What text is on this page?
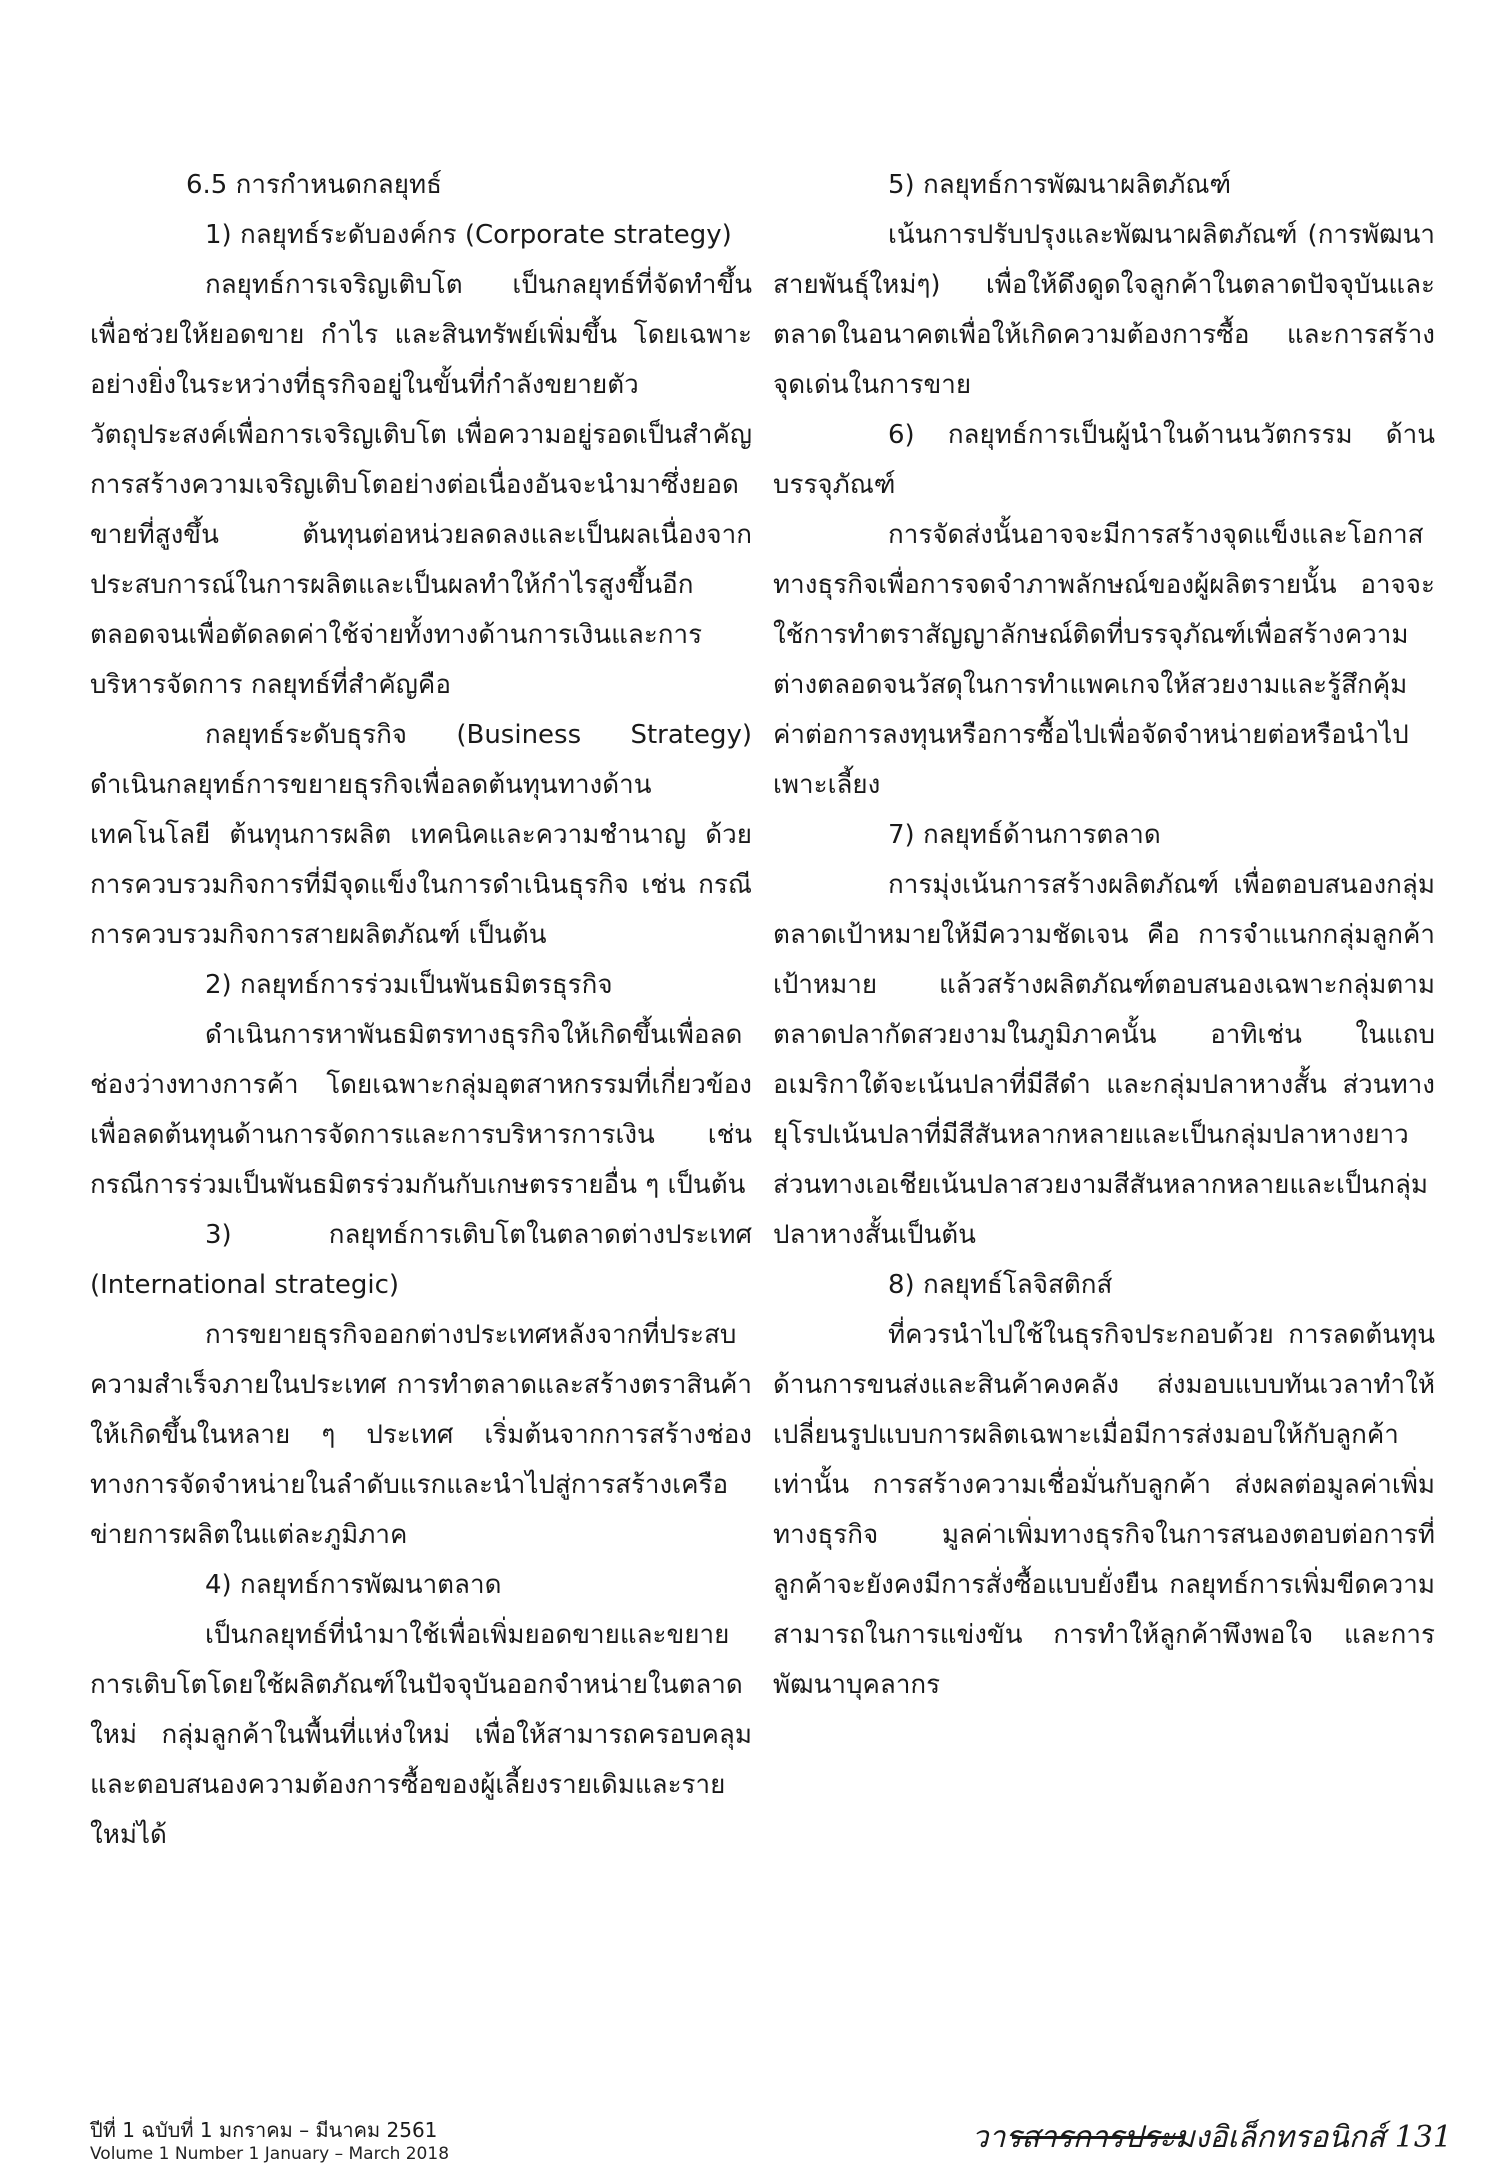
6.5 การกำหนดกลยุทธ์

1) กลยุทธ์ระดับองค์กร (Corporate strategy)

กลยุทธ์การเจริญเติบโต เป็นกลยุทธ์ที่จัดทำขึ้นเพื่อช่วยให้ยอดขาย กำไร และสินทรัพย์เพิ่มขึ้น โดยเฉพาะอย่างยิ่งในระหว่างที่ธุรกิจอยู่ในขั้นที่กำลังขยายตัว วัตถุประสงค์เพื่อการเจริญเติบโต เพื่อความอยู่รอดเป็นสำคัญ การสร้างความเจริญเติบโตอย่างต่อเนื่องอันจะนำมาซึ่งยอดขายที่สูงขึ้น ต้นทุนต่อหน่วยลดลงและเป็นผลเนื่องจากประสบการณ์ในการผลิตและเป็นผลทำให้กำไรสูงขึ้นอีก ตลอดจนเพื่อตัดลดค่าใช้จ่ายทั้งทางด้านการเงินและการบริหารจัดการ กลยุทธ์ที่สำคัญคือ

กลยุทธ์ระดับธุรกิจ (Business Strategy) ดำเนินกลยุทธ์การขยายธุรกิจเพื่อลดต้นทุนทางด้านเทคโนโลยี ต้นทุนการผลิต เทคนิคและความชำนาญ ด้วยการควบรวมกิจการที่มีจุดแข็งในการดำเนินธุรกิจ เช่น กรณีการควบรวมกิจการสายผลิตภัณฑ์ เป็นต้น

2) กลยุทธ์การร่วมเป็นพันธมิตรธุรกิจ

ดำเนินการหาพันธมิตรทางธุรกิจให้เกิดขึ้นเพื่อลดช่องว่างทางการค้า โดยเฉพาะกลุ่มอุตสาหกรรมที่เกี่ยวข้อง เพื่อลดต้นทุนด้านการจัดการและการบริหารการเงิน เช่น กรณีการร่วมเป็นพันธมิตรร่วมกันกับเกษตรรายอื่น ๆ เป็นต้น

3) กลยุทธ์การเติบโตในตลาดต่างประเทศ (International strategic)

การขยายธุรกิจออกต่างประเทศหลังจากที่ประสบความสำเร็จภายในประเทศ การทำตลาดและสร้างตราสินค้าให้เกิดขึ้นในหลาย ๆ ประเทศ เริ่มต้นจากการสร้างช่องทางการจัดจำหน่ายในลำดับแรกและนำไปสู่การสร้างเครือข่ายการผลิตในแต่ละภูมิภาค

4) กลยุทธ์การพัฒนาตลาด

เป็นกลยุทธ์ที่นำมาใช้เพื่อเพิ่มยอดขายและขยายการเติบโตโดยใช้ผลิตภัณฑ์ในปัจจุบันออกจำหน่ายในตลาดใหม่ กลุ่มลูกค้าในพื้นที่แห่งใหม่ เพื่อให้สามารถครอบคลุมและตอบสนองความต้องการซื้อของผู้เลี้ยงรายเดิมและรายใหม่ได้

5) กลยุทธ์การพัฒนาผลิตภัณฑ์

เน้นการปรับปรุงและพัฒนาผลิตภัณฑ์ (การพัฒนาสายพันธุ์ใหม่ๆ) เพื่อให้ดึงดูดใจลูกค้าในตลาดปัจจุบันและตลาดในอนาคตเพื่อให้เกิดความต้องการซื้อ และการสร้างจุดเด่นในการขาย

6) กลยุทธ์การเป็นผู้นำในด้านนวัตกรรม ด้านบรรจุภัณฑ์

การจัดส่งนั้นอาจจะมีการสร้างจุดแข็งและโอกาสทางธุรกิจเพื่อการจดจำภาพลักษณ์ของผู้ผลิตรายนั้น อาจจะใช้การทำตราสัญญาลักษณ์ติดที่บรรจุภัณฑ์เพื่อสร้างความต่างตลอดจนวัสดุในการทำแพคเกจให้สวยงามและรู้สึกคุ้มค่าต่อการลงทุนหรือการซื้อไปเพื่อจัดจำหน่ายต่อหรือนำไปเพาะเลี้ยง

7) กลยุทธ์ด้านการตลาด

การมุ่งเน้นการสร้างผลิตภัณฑ์ เพื่อตอบสนองกลุ่มตลาดเป้าหมายให้มีความชัดเจน คือ การจำแนกกลุ่มลูกค้าเป้าหมาย แล้วสร้างผลิตภัณฑ์ตอบสนองเฉพาะกลุ่มตามตลาดปลากัดสวยงามในภูมิภาคนั้น อาทิเช่น ในแถบอเมริกาใต้จะเน้นปลาที่มีสีดำ และกลุ่มปลาหางสั้น ส่วนทางยุโรปเน้นปลาที่มีสีสันหลากหลายและเป็นกลุ่มปลาหางยาว ส่วนทางเอเชียเน้นปลาสวยงามสีสันหลากหลายและเป็นกลุ่มปลาหางสั้นเป็นต้น

8) กลยุทธ์โลจิสติกส์

ที่ควรนำไปใช้ในธุรกิจประกอบด้วย การลดต้นทุนด้านการขนส่งและสินค้าคงคลัง ส่งมอบแบบทันเวลาทำให้เปลี่ยนรูปแบบการผลิตเฉพาะเมื่อมีการส่งมอบให้กับลูกค้าเท่านั้น การสร้างความเชื่อมั่นกับลูกค้า ส่งผลต่อมูลค่าเพิ่มทางธุรกิจ มูลค่าเพิ่มทางธุรกิจในการสนองตอบต่อการที่ลูกค้าจะยังคงมีการสั่งซื้อแบบยั่งยืน กลยุทธ์การเพิ่มขีดความสามารถในการแข่งขัน การทำให้ลูกค้าพึงพอใจ และการพัฒนาบุคลากร

ปีที่ 1 ฉบับที่ 1 มกราคม – มีนาคม 2561
Volume 1 Number 1 January – March 2018	วารสารการประมงอิเล็กทรอนิกส์ 131
